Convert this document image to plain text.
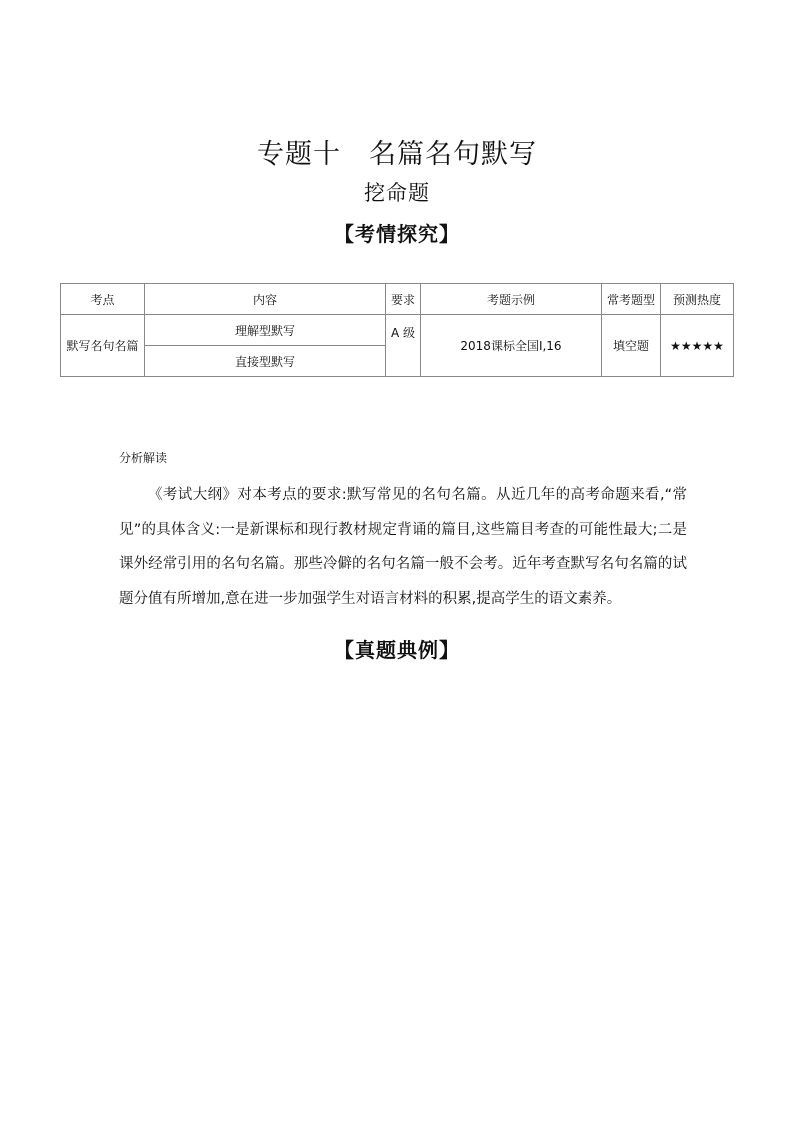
专题十　名篇名句默写
挖命题
【考情探究】
考点	内容	要求	考题示例	常考题型	预测热度
默写名句名篇	理解型默写	A 级	2018课标全国Ⅰ,16	填空题	★★★★★
	直接型默写				
分析解读
《考试大纲》对本考点的要求:默写常见的名句名篇。从近几年的高考命题来看,“常见”的具体含义:一是新课标和现行教材规定背诵的篇目,这些篇目考查的可能性最大;二是课外经常引用的名句名篇。那些冷僻的名句名篇一般不会考。近年考查默写名句名篇的试题分值有所增加,意在进一步加强学生对语言材料的积累,提高学生的语文素养。
【真题典例】
